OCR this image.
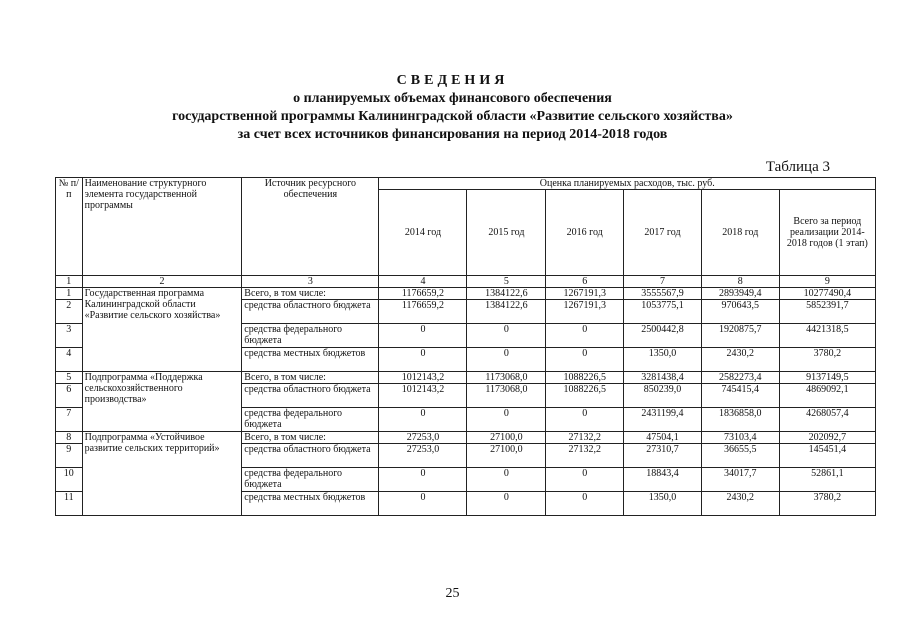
СВЕДЕНИЯ
о планируемых объемах финансового обеспечения
государственной программы Калининградской области «Развитие сельского хозяйства»
за счет всех источников финансирования на период 2014-2018 годов
Таблица 3
№ п/п	Наименование структурного элемента государственной программы	Источник ресурсного обеспечения	Оценка планируемых расходов, тыс. руб.					
			2014 год	2015 год	2016 год	2017 год	2018 год	Всего за период реализации 2014-2018 годов (1 этап)
1	2	3	4	5	6	7	8	9
1	Государственная программа Калининградской области «Развитие сельского хозяйства»	Всего, в том числе:	1176659,2	1384122,6	1267191,3	3555567,9	2893949,4	10277490,4
2		средства областного бюджета	1176659,2	1384122,6	1267191,3	1053775,1	970643,5	5852391,7
3		средства федерального бюджета	0	0	0	2500442,8	1920875,7	4421318,5
4		средства местных бюджетов	0	0	0	1350,0	2430,2	3780,2
5	Подпрограмма «Поддержка сельскохозяйственного производства»	Всего, в том числе:	1012143,2	1173068,0	1088226,5	3281438,4	2582273,4	9137149,5
6		средства областного бюджета	1012143,2	1173068,0	1088226,5	850239,0	745415,4	4869092,1
7		средства федерального бюджета	0	0	0	2431199,4	1836858,0	4268057,4
8	Подпрограмма «Устойчивое развитие сельских территорий»	Всего, в том числе:	27253,0	27100,0	27132,2	47504,1	73103,4	202092,7
9		средства областного бюджета	27253,0	27100,0	27132,2	27310,7	36655,5	145451,4
10		средства федерального бюджета	0	0	0	18843,4	34017,7	52861,1
11		средства местных бюджетов	0	0	0	1350,0	2430,2	3780,2
25
